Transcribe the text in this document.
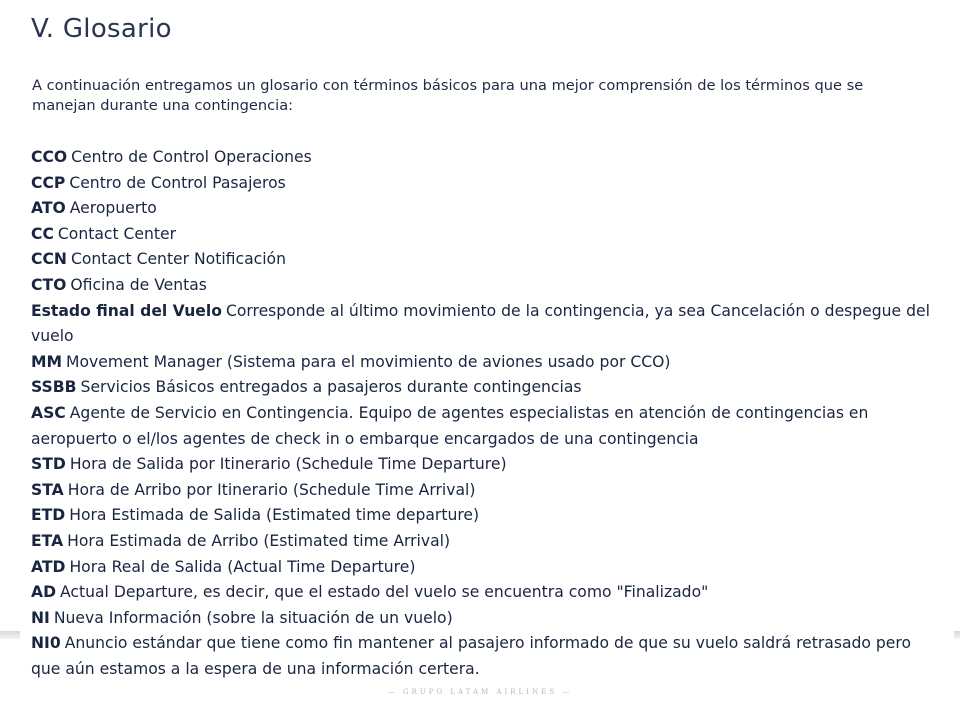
V. Glosario
A continuación entregamos un glosario con términos básicos para una mejor comprensión de los términos que se manejan durante una contingencia:
CCO Centro de Control Operaciones
CCP Centro de Control Pasajeros
ATO Aeropuerto
CC Contact Center
CCN Contact Center Notificación
CTO Oficina de Ventas
Estado final del Vuelo Corresponde al último movimiento de la contingencia, ya sea Cancelación o despegue del vuelo
MM Movement Manager (Sistema para el movimiento de aviones usado por CCO)
SSBB Servicios Básicos entregados a pasajeros durante contingencias
ASC Agente de Servicio en Contingencia. Equipo de agentes especialistas en atención de contingencias en aeropuerto o el/los agentes de check in o embarque encargados de una contingencia
STD Hora de Salida por Itinerario (Schedule Time Departure)
STA Hora de Arribo por Itinerario (Schedule Time Arrival)
ETD Hora Estimada de Salida (Estimated time departure)
ETA Hora Estimada de Arribo (Estimated time Arrival)
ATD Hora Real de Salida (Actual Time Departure)
AD Actual Departure, es decir, que el estado del vuelo se encuentra como "Finalizado"
NI Nueva Información (sobre la situación de un vuelo)
NI0 Anuncio estándar que tiene como fin mantener al pasajero informado de que su vuelo saldrá retrasado pero que aún estamos a la espera de una información certera.
— GRUPO LATAM AIRLINES —
